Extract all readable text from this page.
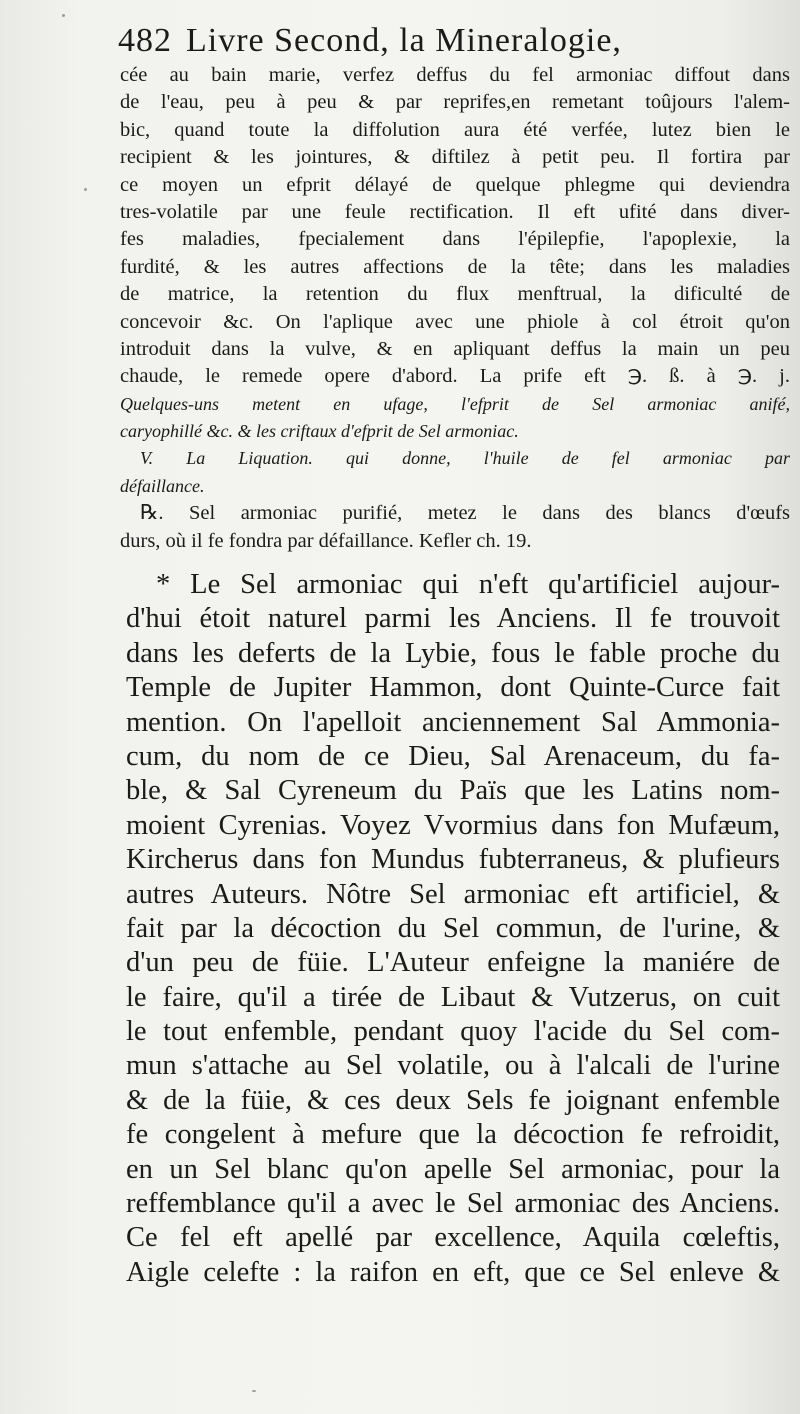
482 Livre Second, la Mineralogie,
cée au bain marie, verfez deffus du fel armoniac diffout dans
de l'eau, peu à peu & par reprifes,en remetant toûjours l'alem-
bic, quand toute la diffolution aura été verfée, lutez bien le
recipient & les jointures, & diftilez à petit peu. Il fortira par
ce moyen un efprit délayé de quelque phlegme qui deviendra
tres-volatile par une feule rectification. Il eft ufité dans diver-
fes maladies, fpecialement dans l'épilepfie, l'apoplexie, la
furdité, & les autres affections de la tête; dans les maladies
de matrice, la retention du flux menftrual, la dificulté de
concevoir &c. On l'aplique avec une phiole à col étroit qu'on
introduit dans la vulve, & en apliquant deffus la main un peu
chaude, le remede opere d'abord. La prife eft ℈. ß. à ℈. j.
Quelques-uns metent en ufage, l'efprit de Sel armoniac anifé,
caryophillé &c. & les criftaux d'efprit de Sel armoniac.
V. La Liquation. qui donne, l'huile de fel armoniac par
défaillance.
℞. Sel armoniac purifié, metez le dans des blancs d'œufs
durs, où il fe fondra par défaillance. Kefler ch. 19.
* Le Sel armoniac qui n'eft qu'artificiel aujour-
d'hui étoit naturel parmi les Anciens. Il fe trouvoit
dans les deferts de la Lybie, fous le fable proche du
Temple de Jupiter Hammon, dont Quinte-Curce fait
mention. On l'apelloit anciennement Sal Ammonia-
cum, du nom de ce Dieu, Sal Arenaceum, du fa-
ble, & Sal Cyreneum du Païs que les Latins nom-
moient Cyrenias. Voyez Vvormius dans fon Mufæum,
Kircherus dans fon Mundus fubterraneus, & plufieurs
autres Auteurs. Nôtre Sel armoniac eft artificiel, &
fait par la décoction du Sel commun, de l'urine, &
d'un peu de füie. L'Auteur enfeigne la maniére de
le faire, qu'il a tirée de Libaut & Vutzerus, on cuit
le tout enfemble, pendant quoy l'acide du Sel com-
mun s'attache au Sel volatile, ou à l'alcali de l'urine
& de la füie, & ces deux Sels fe joignant enfemble
fe congelent à mefure que la décoction fe refroidit,
en un Sel blanc qu'on apelle Sel armoniac, pour la
reffemblance qu'il a avec le Sel armoniac des Anciens.
Ce fel eft apellé par excellence, Aquila cœleftis,
Aigle celefte : la raifon en eft, que ce Sel enleve &
